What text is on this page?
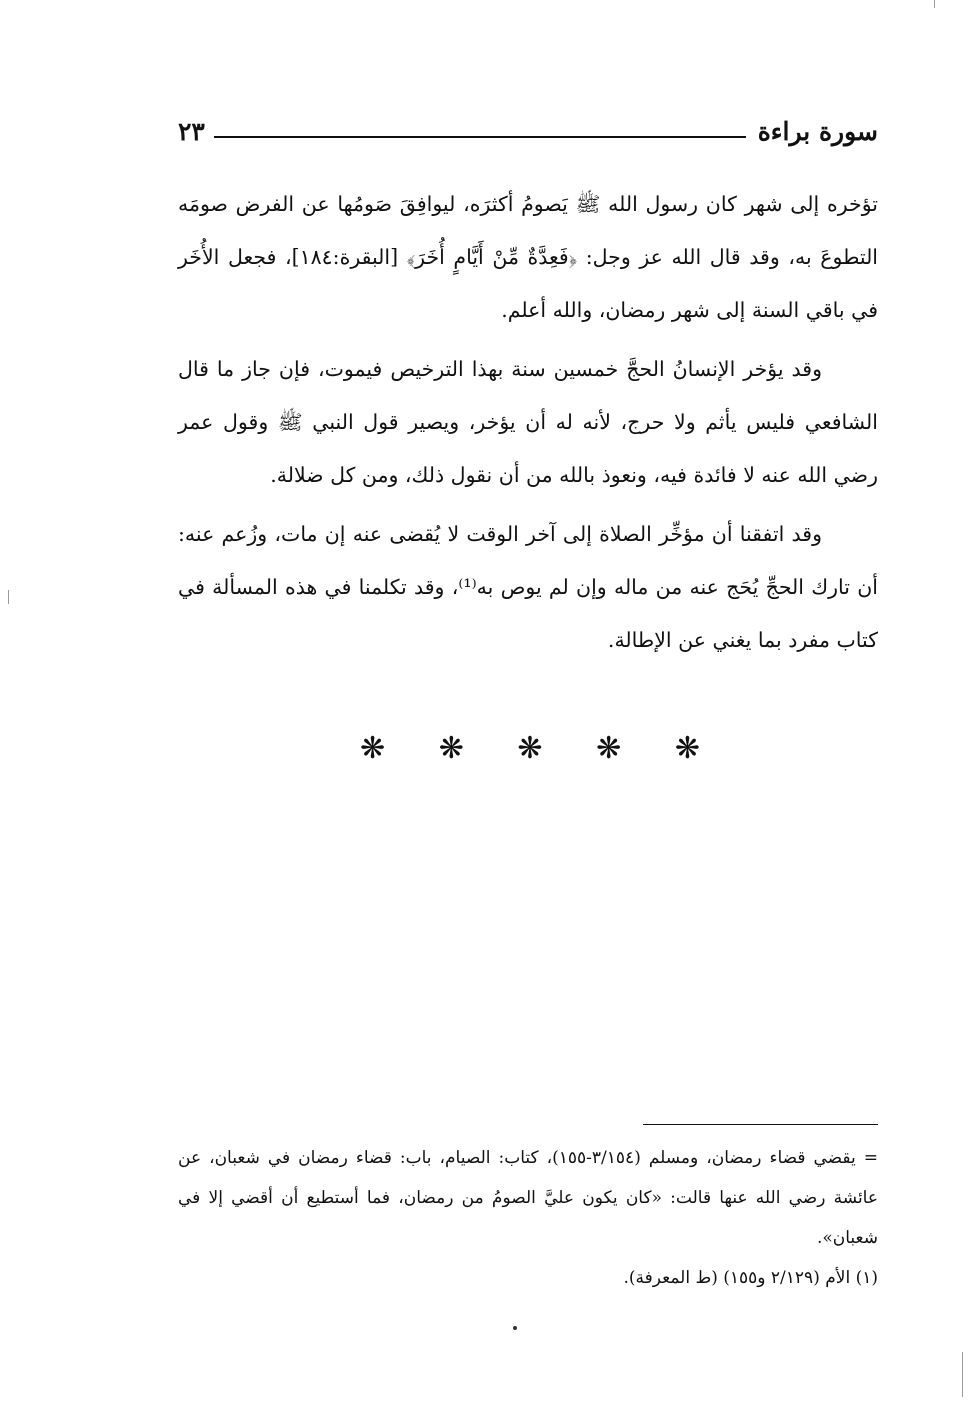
سورة براءة
٢٣

تؤخره إلى شهر كان رسول الله ﷺ يَصومُ أكثرَه، ليوافِقَ صَومُها عن الفرض صومَه التطوعَ به، وقد قال الله عز وجل: ﴿فَعِدَّةٌ مِّنْ أَيَّامٍ أُخَرَ﴾ [البقرة:١٨٤]، فجعل الأُخَر في باقي السنة إلى شهر رمضان، والله أعلم.

وقد يؤخر الإنسانُ الحجَّ خمسين سنة بهذا الترخيص فيموت، فإن جاز ما قال الشافعي فليس يأثم ولا حرج، لأنه له أن يؤخر، ويصير قول النبي ﷺ وقول عمر رضي الله عنه لا فائدة فيه، ونعوذ بالله من أن نقول ذلك، ومن كل ضلالة.

وقد اتفقنا أن مؤخِّر الصلاة إلى آخر الوقت لا يُقضى عنه إن مات، وزُعم عنه: أن تارك الحجِّ يُحَج عنه من ماله وإن لم يوص به⁽¹⁾، وقد تكلمنا في هذه المسألة في كتاب مفرد بما يغني عن الإطالة.

❋ ❋ ❋ ❋ ❋

= يقضي قضاء رمضان، ومسلم (٣/١٥٤-١٥٥)، كتاب: الصيام، باب: قضاء رمضان في شعبان، عن عائشة رضي الله عنها قالت: «كان يكون عليَّ الصومُ من رمضان، فما أستطيع أن أقضي إلا في شعبان».

(١) الأم (٢/١٢٩ و١٥٥) (ط المعرفة).
